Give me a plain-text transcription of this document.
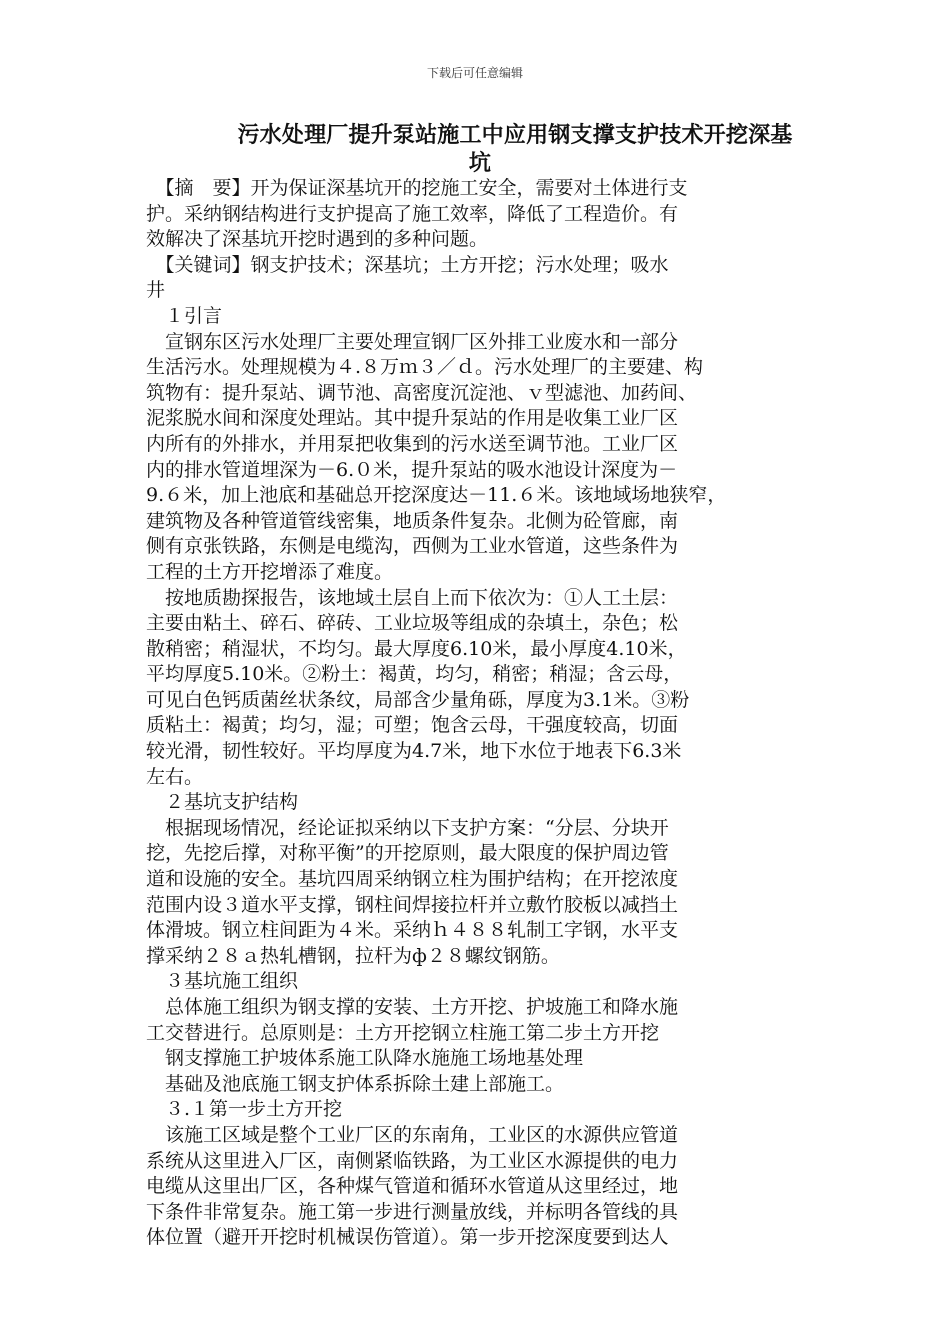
下载后可任意编辑
污水处理厂提升泵站施工中应用钢支撑支护技术开挖深基
坑
　【摘　要】开为保证深基坑开的挖施工安全，需要对土体进行支
护。采纳钢结构进行支护提高了施工效率，降低了工程造价。有
效解决了深基坑开挖时遇到的多种问题。
　【关键词】钢支护技术；深基坑；土方开挖；污水处理；吸水
井
　１引言
　宣钢东区污水处理厂主要处理宣钢厂区外排工业废水和一部分
生活污水。处理规模为４.８万ｍ３／ｄ。污水处理厂的主要建、构
筑物有：提升泵站、调节池、高密度沉淀池、ｖ型滤池、加药间、
泥浆脱水间和深度处理站。其中提升泵站的作用是收集工业厂区
内所有的外排水，并用泵把收集到的污水送至调节池。工业厂区
内的排水管道埋深为－6.０米，提升泵站的吸水池设计深度为－
9.６米，加上池底和基础总开挖深度达－11.６米。该地域场地狭窄，
建筑物及各种管道管线密集，地质条件复杂。北侧为砼管廊，南
侧有京张铁路，东侧是电缆沟，西侧为工业水管道，这些条件为
工程的土方开挖增添了难度。
　按地质勘探报告，该地域土层自上而下依次为：①人工土层：
主要由粘土、碎石、碎砖、工业垃圾等组成的杂填土，杂色；松
散稍密；稍湿状，不均匀。最大厚度6.10米，最小厚度4.10米，
平均厚度5.10米。②粉土：褐黄，均匀，稍密；稍湿；含云母，
可见白色钙质菌丝状条纹，局部含少量角砾，厚度为3.1米。③粉
质粘土：褐黄；均匀，湿；可塑；饱含云母，干强度较高，切面
较光滑，韧性较好。平均厚度为4.7米，地下水位于地表下6.3米
左右。
　２基坑支护结构
　根据现场情况，经论证拟采纳以下支护方案：“分层、分块开
挖，先挖后撑，对称平衡”的开挖原则，最大限度的保护周边管
道和设施的安全。基坑四周采纳钢立柱为围护结构；在开挖浓度
范围内设３道水平支撑，钢柱间焊接拉杆并立敷竹胶板以减挡土
体滑坡。钢立柱间距为４米。采纳ｈ４８８轧制工字钢，水平支
撑采纳２８ａ热轧槽钢，拉杆为ф２８螺纹钢筋。
　３基坑施工组织
　总体施工组织为钢支撑的安装、土方开挖、护坡施工和降水施
工交替进行。总原则是：土方开挖钢立柱施工第二步土方开挖
　钢支撑施工护坡体系施工队降水施施工场地基处理
　基础及池底施工钢支护体系拆除土建上部施工。
　３.１第一步土方开挖
　该施工区域是整个工业厂区的东南角，工业区的水源供应管道
系统从这里进入厂区，南侧紧临铁路，为工业区水源提供的电力
电缆从这里出厂区，各种煤气管道和循环水管道从这里经过，地
下条件非常复杂。施工第一步进行测量放线，并标明各管线的具
体位置（避开开挖时机械误伤管道）。第一步开挖深度要到达人
